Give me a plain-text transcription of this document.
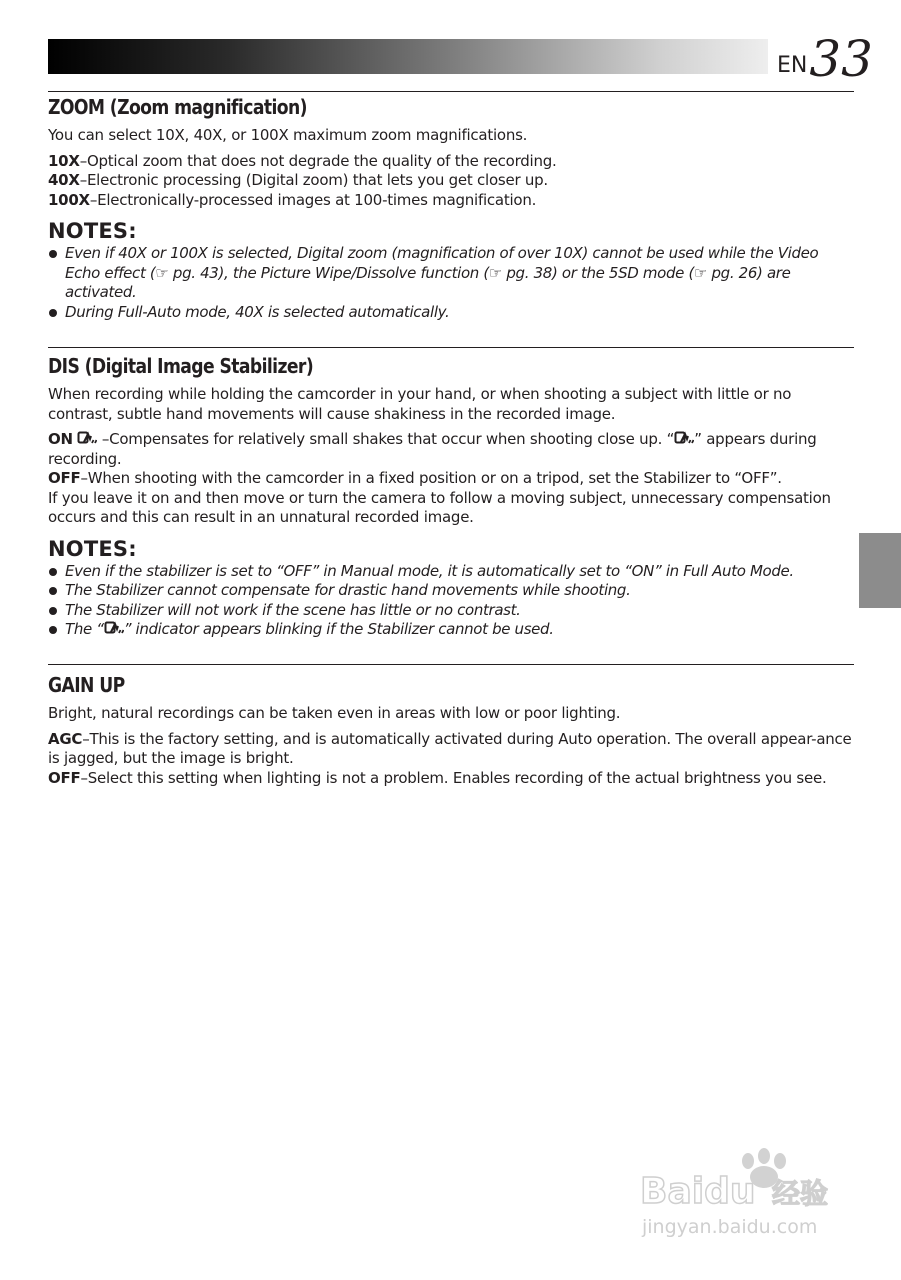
EN33
ZOOM (Zoom magnification)

You can select 10X, 40X, or 100X maximum zoom magnifications.

10X–Optical zoom that does not degrade the quality of the recording.

40X–Electronic processing (Digital zoom) that lets you get closer up.

100X–Electronically-processed images at 100-times magnification.

NOTES:
Even if 40X or 100X is selected, Digital zoom (magnification of over 10X) cannot be used while the Video Echo effect (☞ pg. 43), the Picture Wipe/Dissolve function (☞ pg. 38) or the 5SD mode (☞ pg. 26) are activated.
During Full-Auto mode, 40X is selected automatically.
DIS (Digital Image Stabilizer)

When recording while holding the camcorder in your hand, or when shooting a subject with little or no contrast, subtle hand movements will cause shakiness in the recorded image.

ON  –Compensates for relatively small shakes that occur when shooting close up. “ ” appears during recording.

OFF–When shooting with the camcorder in a fixed position or on a tripod, set the Stabilizer to “OFF”.

If you leave it on and then move or turn the camera to follow a moving subject, unnecessary compensation occurs and this can result in an unnatural recorded image.

NOTES:
Even if the stabilizer is set to “OFF” in Manual mode, it is automatically set to “ON” in Full Auto Mode.
The Stabilizer cannot compensate for drastic hand movements while shooting.
The Stabilizer will not work if the scene has little or no contrast.
The “ ” indicator appears blinking if the Stabilizer cannot be used.
GAIN UP

Bright, natural recordings can be taken even in areas with low or poor lighting.

AGC–This is the factory setting, and is automatically activated during Auto operation. The overall appear-ance is jagged, but the image is bright.

OFF–Select this setting when lighting is not a problem. Enables recording of the actual brightness you see.

Baidu 经验
jingyan.baidu.com
